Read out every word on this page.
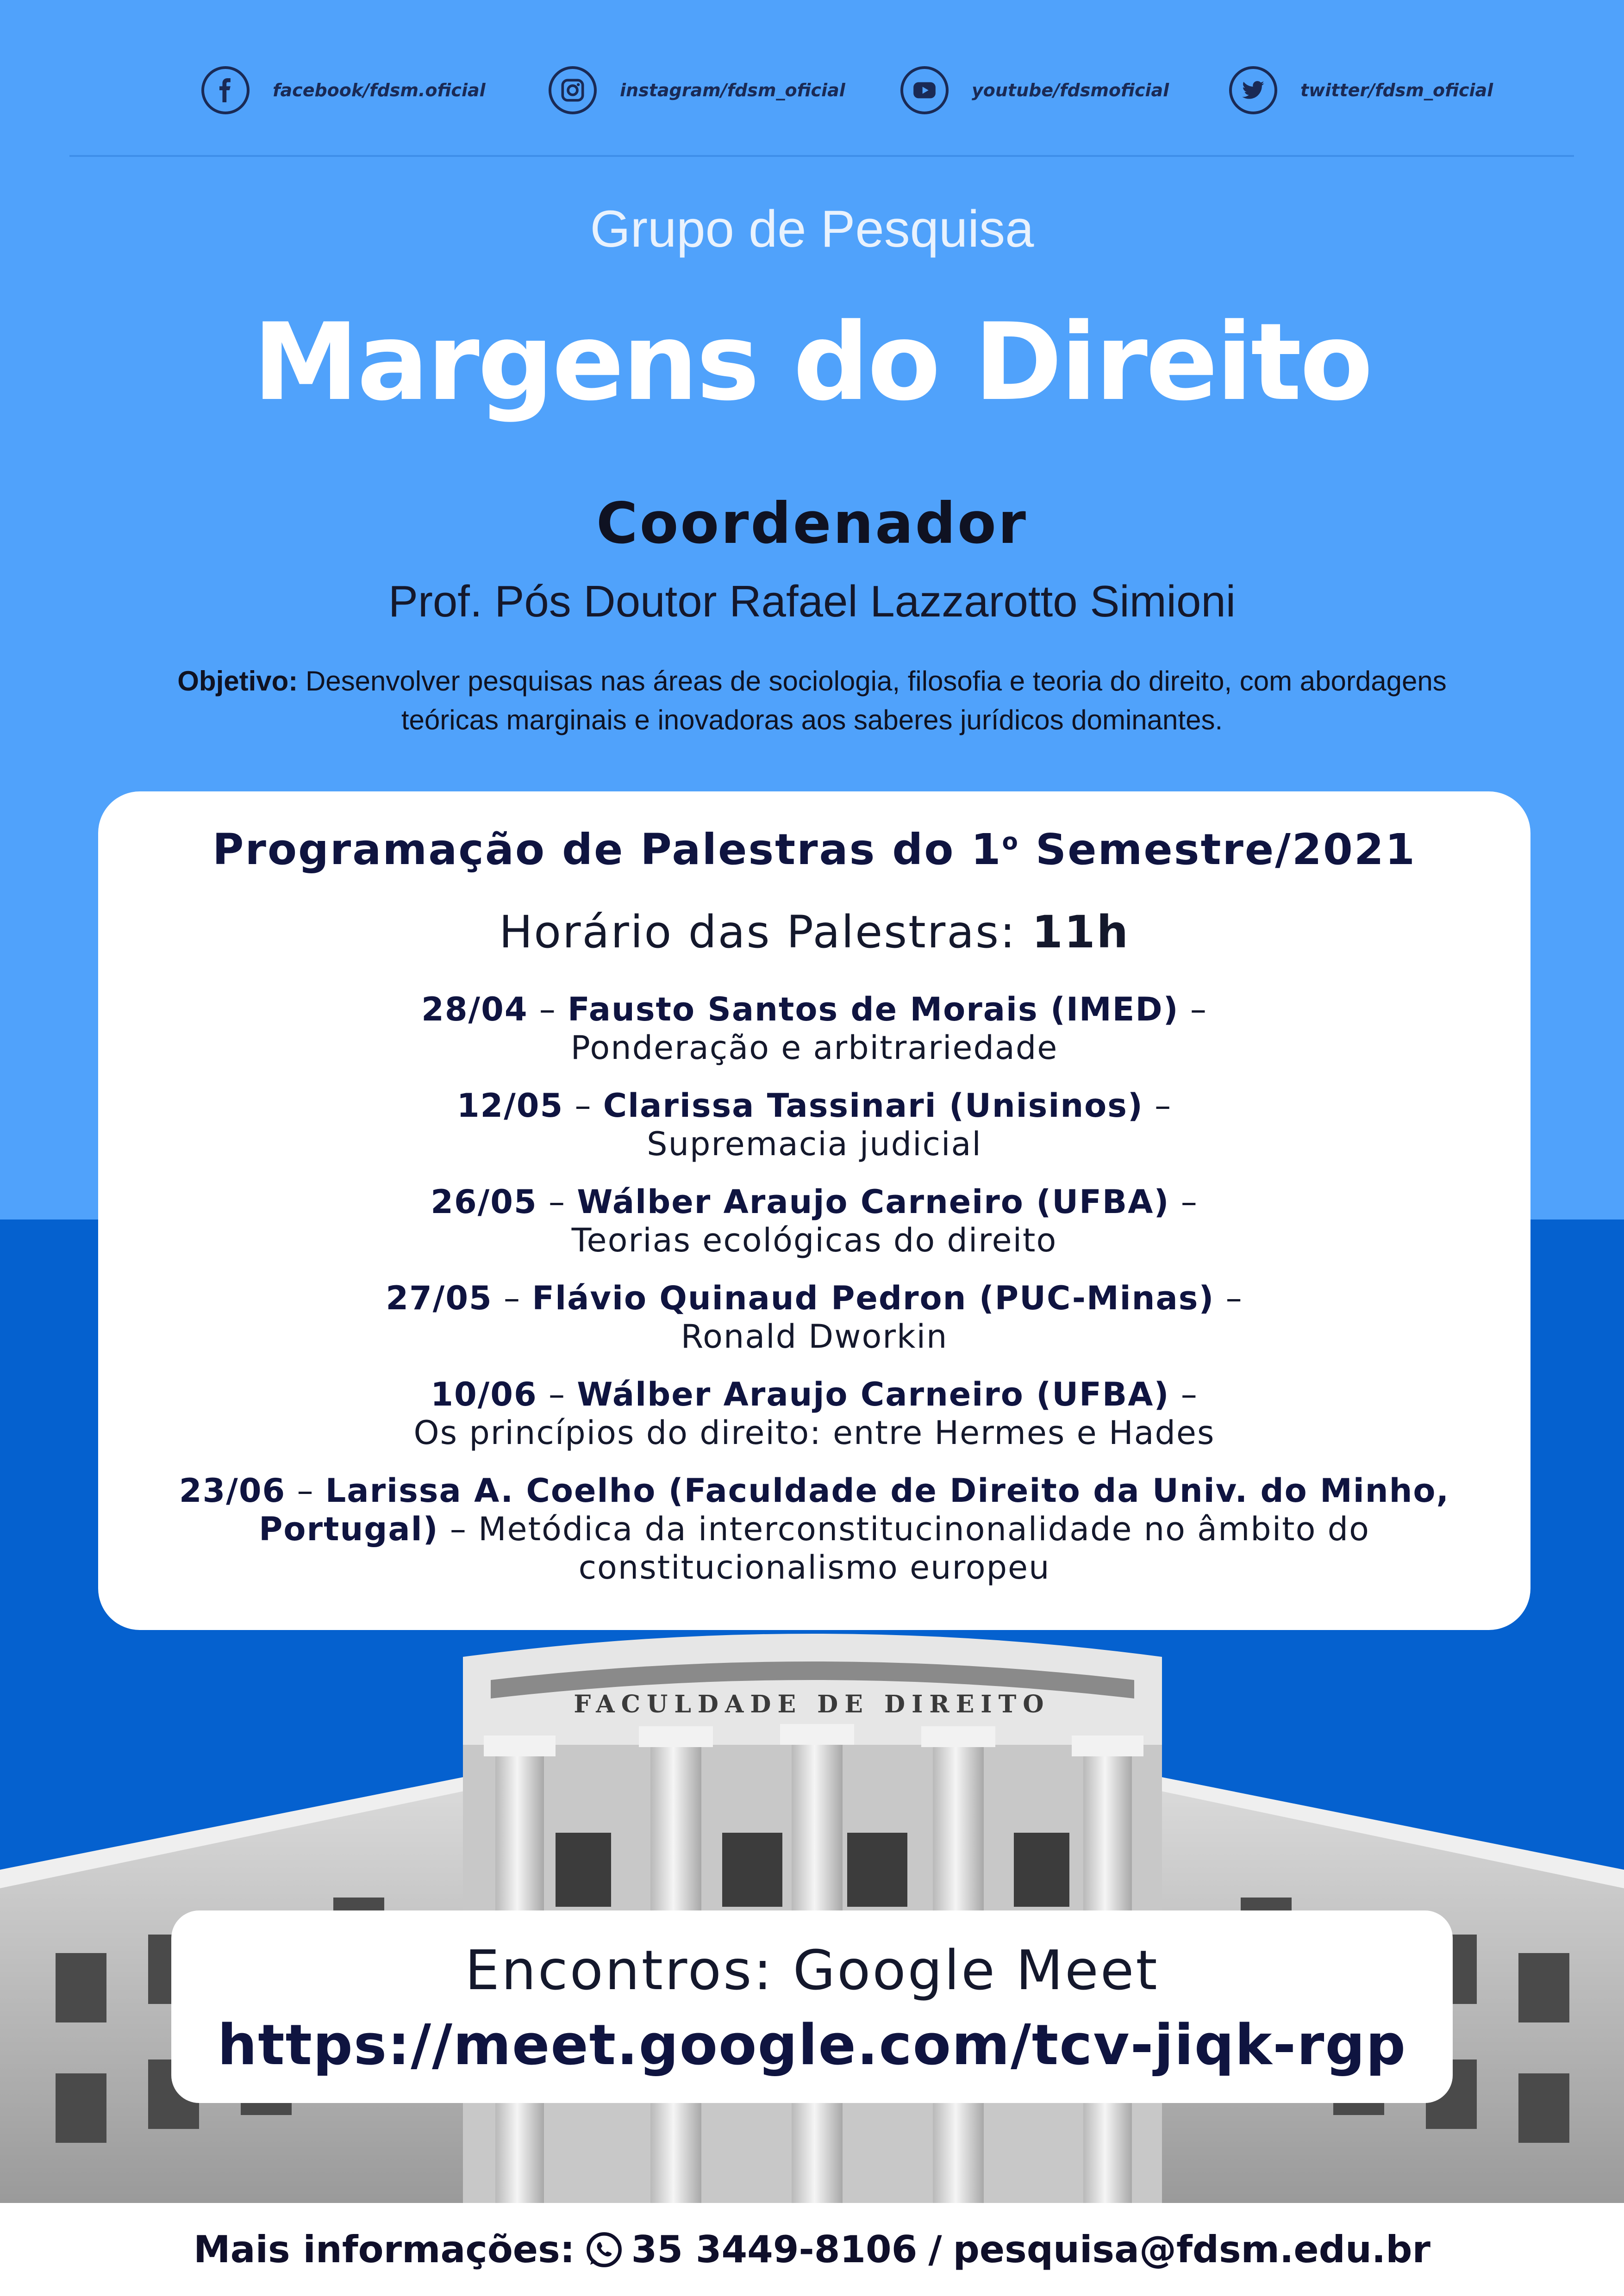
facebook/fdsm.oficial	instagram/fdsm_oficial	youtube/fdsmoficial	twitter/fdsm_oficial
Grupo de Pesquisa
Margens do Direito
Coordenador
Prof. Pós Doutor Rafael Lazzarotto Simioni
Objetivo: Desenvolver pesquisas nas áreas de sociologia, filosofia e teoria do direito, com abordagens teóricas marginais e inovadoras aos saberes jurídicos dominantes.
FACULDADE DE DIREITO
Programação de Palestras do 1$^o$ Semestre/2021
Horário das Palestras: 11h
28/04 – Fausto Santos de Morais (IMED) –
Ponderação e arbitrariedade
12/05 – Clarissa Tassinari (Unisinos) –
Supremacia judicial
26/05 – Wálber Araujo Carneiro (UFBA) –
Teorias ecológicas do direito
27/05 – Flávio Quinaud Pedron (PUC-Minas) –
Ronald Dworkin
10/06 – Wálber Araujo Carneiro (UFBA) –
Os princípios do direito: entre Hermes e Hades
23/06 – Larissa A. Coelho (Faculdade de Direito da Univ. do Minho, Portugal) – Metódica da interconstitucinonalidade no âmbito do constitucionalismo europeu
Encontros: Google Meet
https://meet.google.com/tcv-jiqk-rgp
Mais informações: 35 3449-8106 / pesquisa@fdsm.edu.br
